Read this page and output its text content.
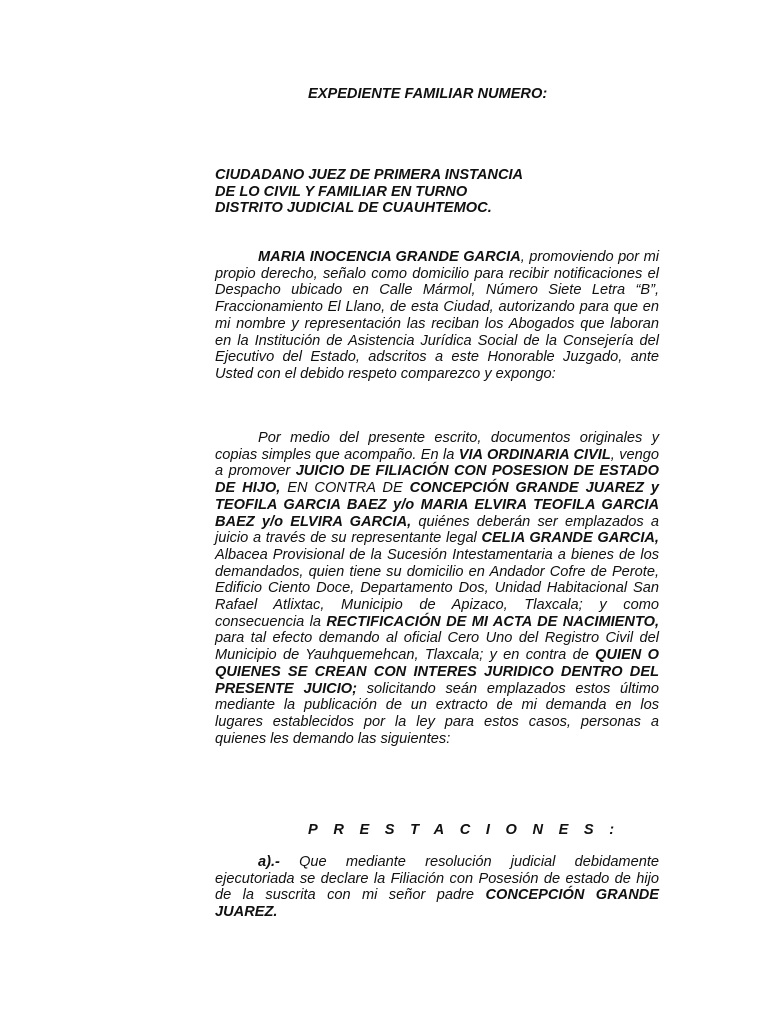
EXPEDIENTE FAMILIAR NUMERO:

CIUDADANO JUEZ DE PRIMERA INSTANCIA
DE LO CIVIL Y FAMILIAR EN TURNO
DISTRITO JUDICIAL DE CUAUHTEMOC.

MARIA INOCENCIA GRANDE GARCIA, promoviendo por mi propio derecho, señalo como domicilio para recibir notificaciones el Despacho ubicado en Calle Mármol, Número Siete Letra “B”, Fraccionamiento El Llano, de esta Ciudad, autorizando para que en mi nombre y representación las reciban los Abogados que laboran en la Institución de Asistencia Jurídica Social de la Consejería del Ejecutivo del Estado, adscritos a este Honorable Juzgado, ante Usted con el debido respeto comparezco y expongo:

Por medio del presente escrito, documentos originales y copias simples que acompaño. En la VIA ORDINARIA CIVIL, vengo a promover JUICIO DE FILIACIÓN CON POSESION DE ESTADO DE HIJO, EN CONTRA DE CONCEPCIÓN GRANDE JUAREZ y TEOFILA GARCIA BAEZ y/o MARIA ELVIRA TEOFILA GARCIA BAEZ y/o ELVIRA GARCIA, quiénes deberán ser emplazados a juicio a través de su representante legal CELIA GRANDE GARCIA, Albacea Provisional de la Sucesión Intestamentaria a bienes de los demandados, quien tiene su domicilio en Andador Cofre de Perote, Edificio Ciento Doce, Departamento Dos, Unidad Habitacional San Rafael Atlixtac, Municipio de Apizaco, Tlaxcala; y como consecuencia la RECTIFICACIÓN DE MI ACTA DE NACIMIENTO, para tal efecto demando al oficial Cero Uno del Registro Civil del Municipio de Yauhquemehcan, Tlaxcala; y en contra de QUIEN O QUIENES SE CREAN CON INTERES JURIDICO DENTRO DEL PRESENTE JUICIO; solicitando seán emplazados estos último mediante la publicación de un extracto de mi demanda en los lugares establecidos por la ley para estos casos, personas a quienes les demando las siguientes:

PRESTACIONES:

a).- Que mediante resolución judicial debidamente ejecutoriada se declare la Filiación con Posesión de estado de hijo de la suscrita con mi señor padre CONCEPCIÓN GRANDE JUAREZ.
